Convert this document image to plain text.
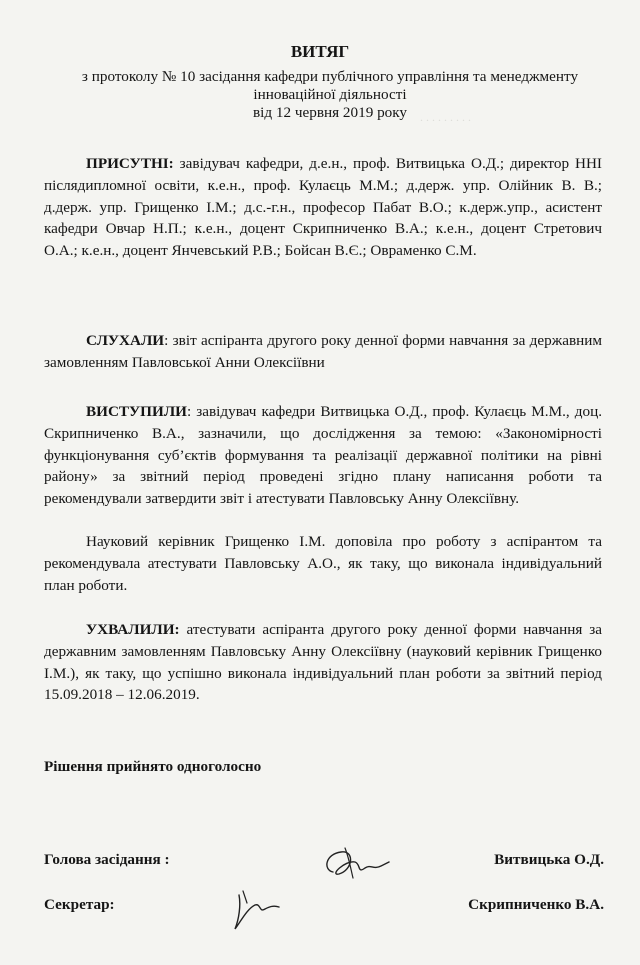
. . . . . . . . .
ВИТЯГ
з протоколу № 10 засідання кафедри публічного управління та менеджменту
інноваційної діяльності
від 12 червня 2019 року

ПРИСУТНІ: завідувач кафедри, д.е.н., проф. Витвицька О.Д.; директор ННІ післядипломної освіти, к.е.н., проф. Кулаєць М.М.; д.держ. упр. Олійник В. В.; д.держ. упр. Грищенко І.М.; д.с.-г.н., професор Пабат В.О.; к.держ.упр., асистент кафедри Овчар Н.П.; к.е.н., доцент Скрипниченко В.А.; к.е.н., доцент Стретович О.А.; к.е.н., доцент Янчевський Р.В.; Бойсан В.Є.; Овраменко С.М.

СЛУХАЛИ: звіт аспіранта другого року денної форми навчання за державним замовленням Павловської Анни Олексіївни

ВИСТУПИЛИ: завідувач кафедри Витвицька О.Д., проф. Кулаєць М.М., доц. Скрипниченко В.А., зазначили, що дослідження за темою: «Закономірності функціонування суб’єктів формування та реалізації державної політики на рівні району» за звітний період проведені згідно плану написання роботи та рекомендували затвердити звіт і атестувати Павловську Анну Олексіївну.

Науковий керівник Грищенко І.М. доповіла про роботу з аспірантом та рекомендувала атестувати Павловську А.О., як таку, що виконала індивідуальний план роботи.

УХВАЛИЛИ: атестувати аспіранта другого року денної форми навчання за державним замовленням Павловську Анну Олексіївну (науковий керівник Грищенко І.М.), як таку, що успішно виконала індивідуальний план роботи за звітний період 15.09.2018 – 12.06.2019.

Рішення прийнято одноголосно
Голова засідання :	Витвицька О.Д.
Секретар:	Скрипниченко В.А.
